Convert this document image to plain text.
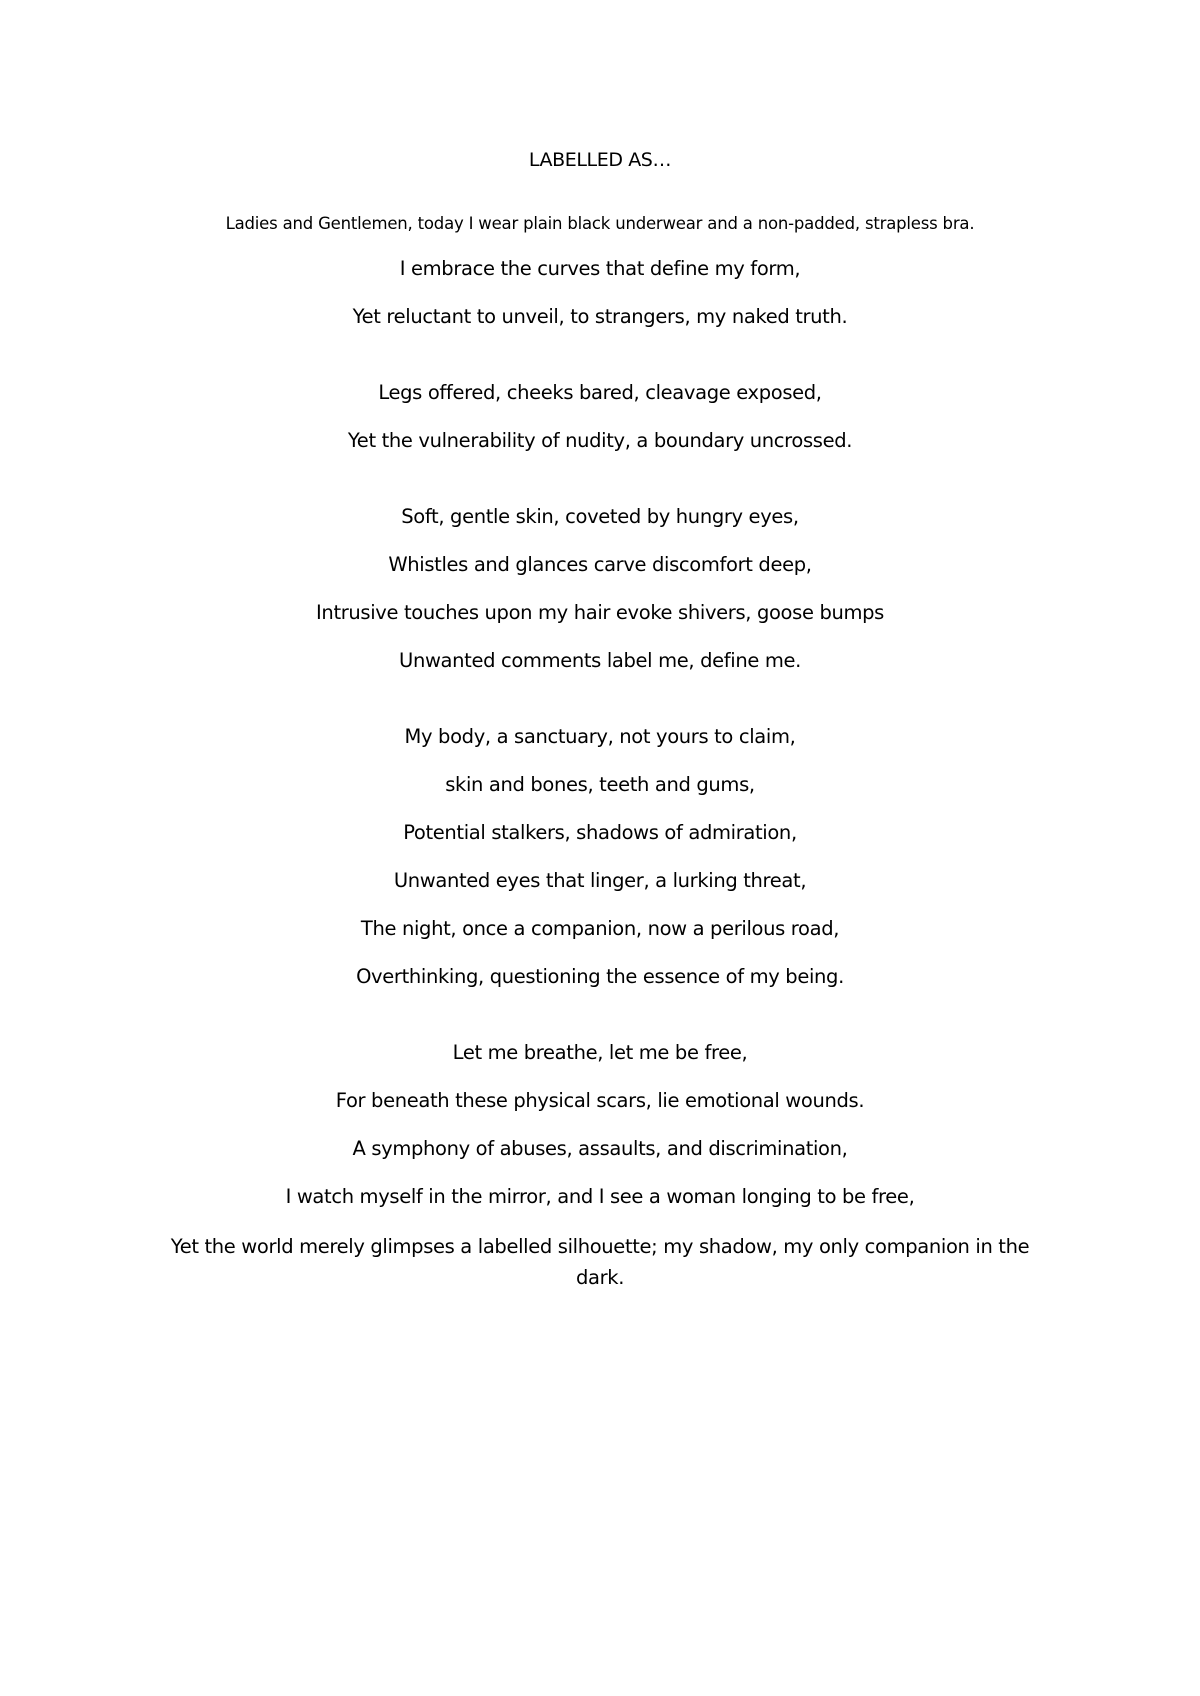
LABELLED AS…
Ladies and Gentlemen, today I wear plain black underwear and a non-padded, strapless bra.
I embrace the curves that define my form,
Yet reluctant to unveil, to strangers, my naked truth.
Legs offered, cheeks bared, cleavage exposed,
Yet the vulnerability of nudity, a boundary uncrossed.
Soft, gentle skin, coveted by hungry eyes,
Whistles and glances carve discomfort deep,
Intrusive touches upon my hair evoke shivers, goose bumps
Unwanted comments label me, define me.
My body, a sanctuary, not yours to claim,
skin and bones, teeth and gums,
Potential stalkers, shadows of admiration,
Unwanted eyes that linger, a lurking threat,
The night, once a companion, now a perilous road,
Overthinking, questioning the essence of my being.
Let me breathe, let me be free,
For beneath these physical scars, lie emotional wounds.
A symphony of abuses, assaults, and discrimination,
I watch myself in the mirror, and I see a woman longing to be free,
Yet the world merely glimpses a labelled silhouette; my shadow, my only companion in the dark.
